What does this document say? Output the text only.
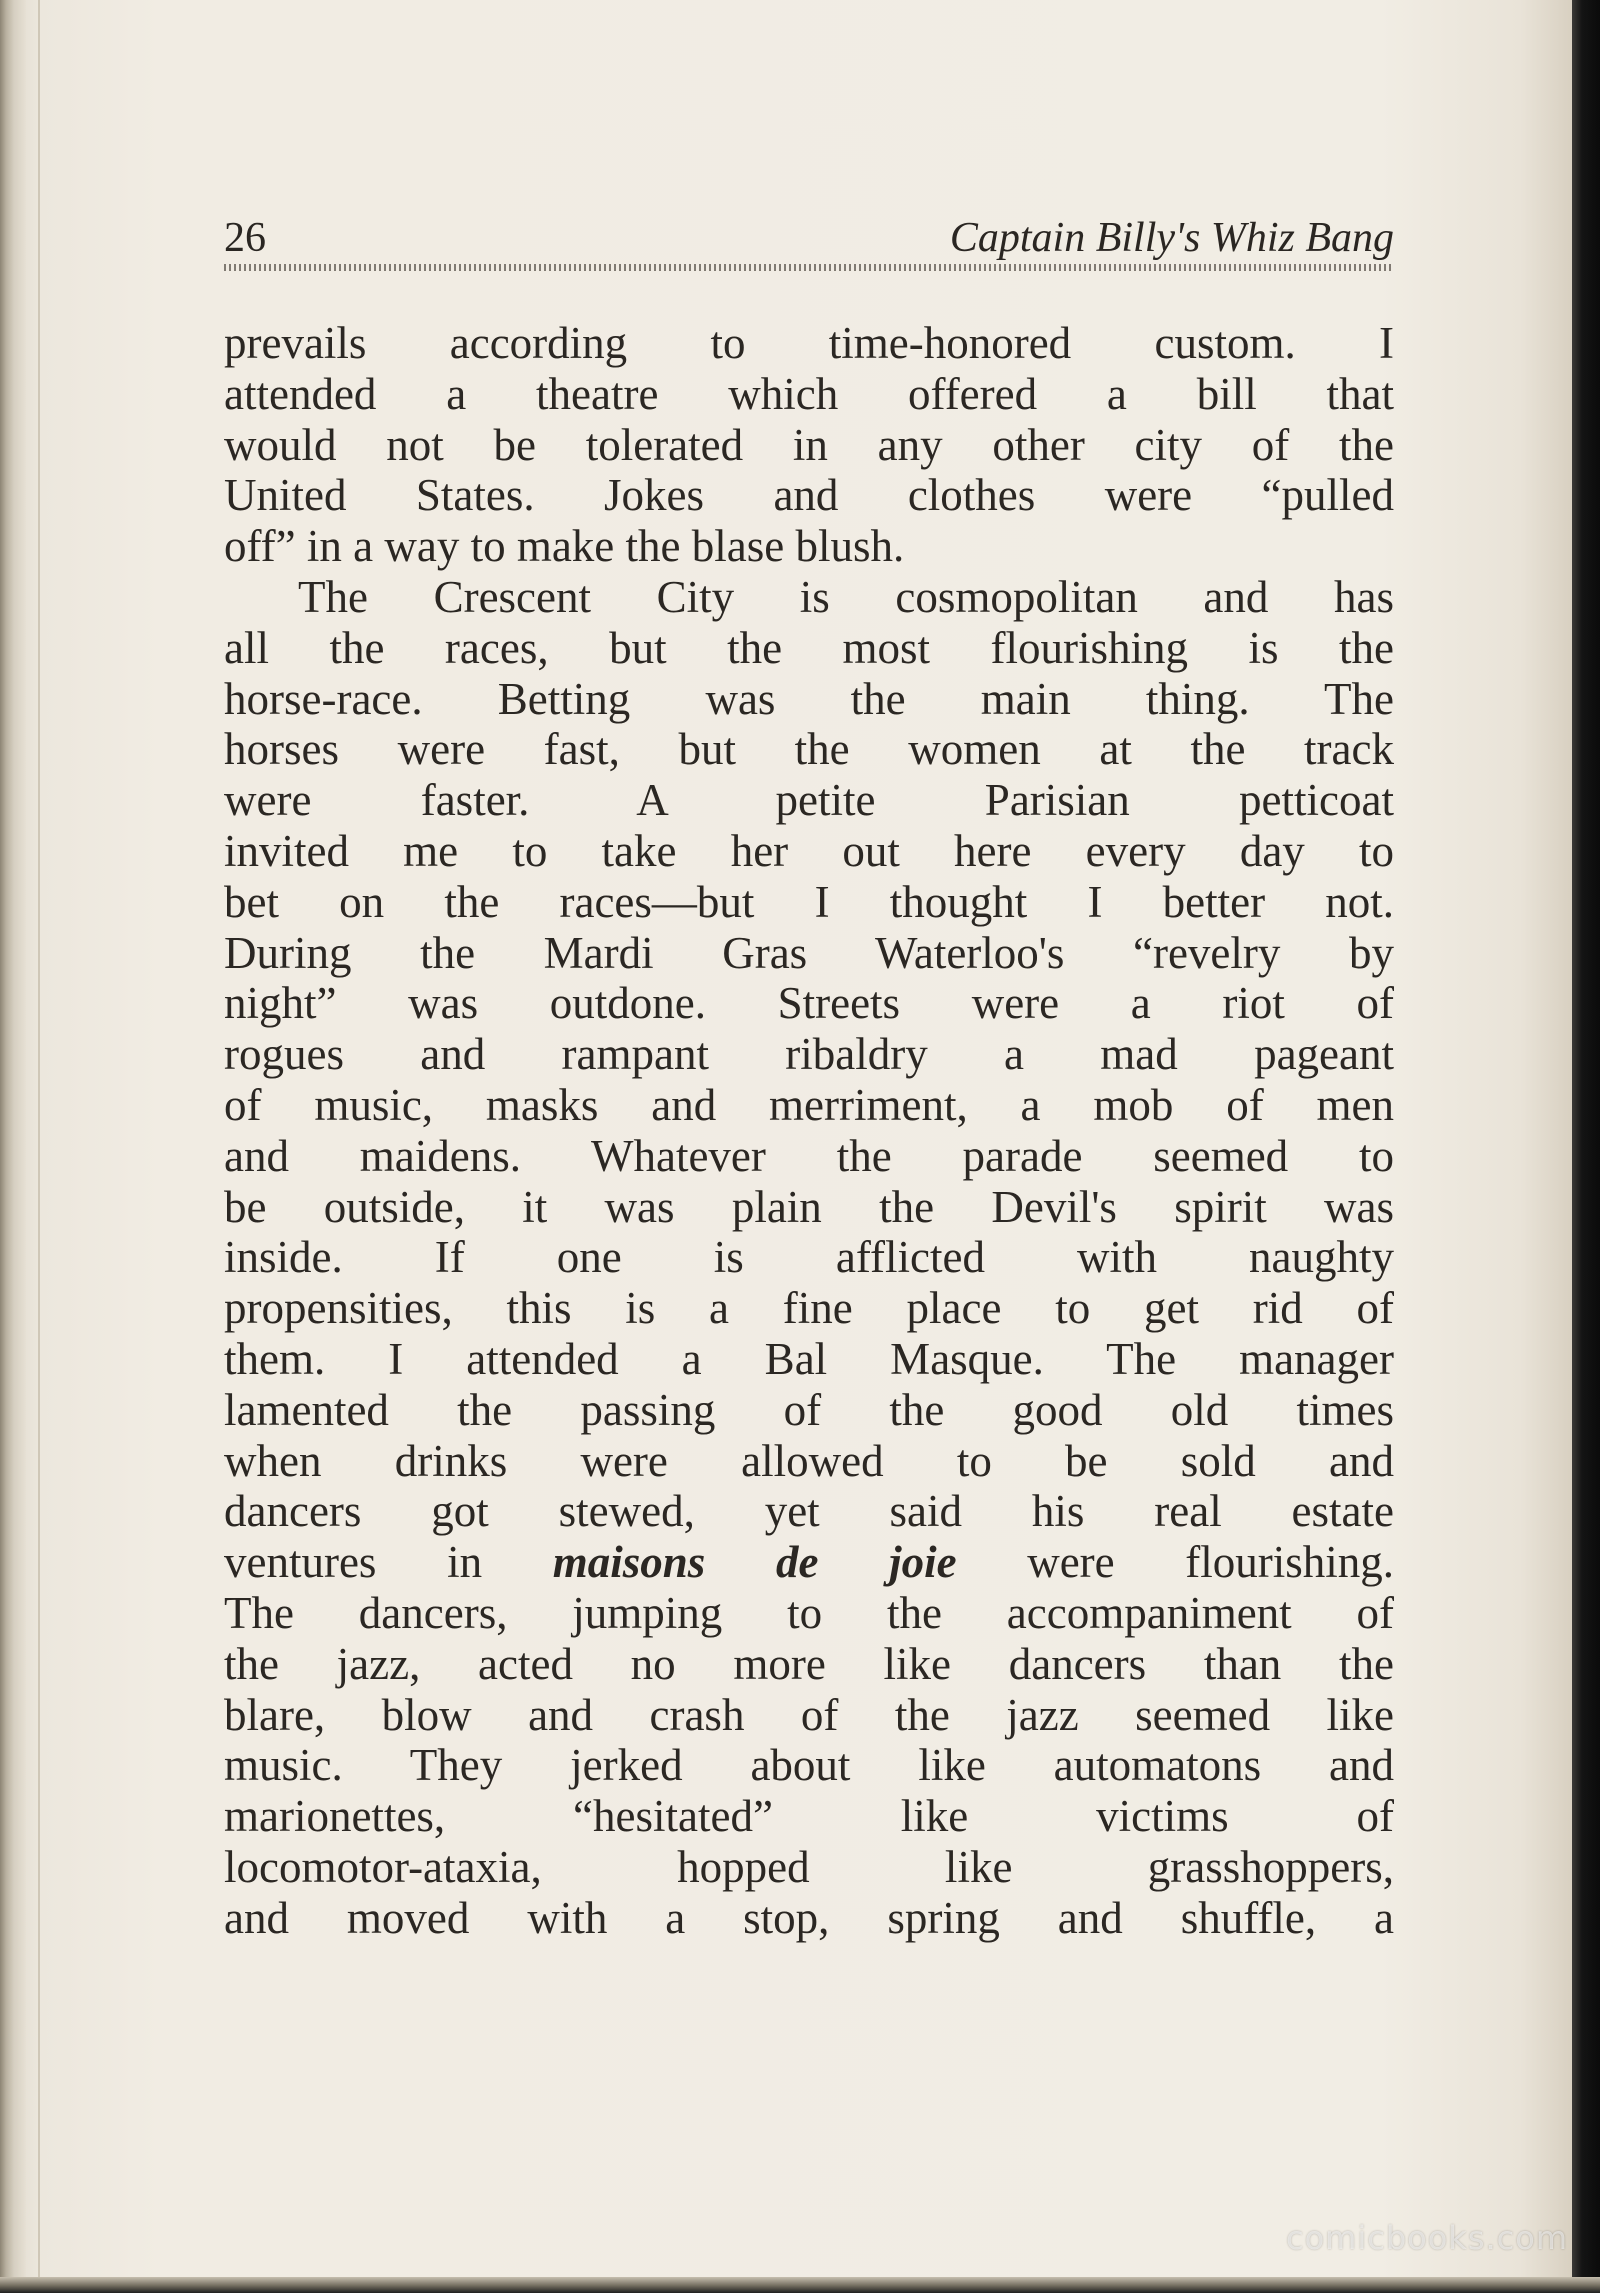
26	Captain Billy's Whiz Bang
prevails according to time-honored custom. I
attended a theatre which offered a bill that
would not be tolerated in any other city of the
United States. Jokes and clothes were “pulled
off” in a way to make the blase blush.
The Crescent City is cosmopolitan and has
all the races, but the most flourishing is the
horse-race. Betting was the main thing. The
horses were fast, but the women at the track
were faster. A petite Parisian petticoat
invited me to take her out here every day to
bet on the races—but I thought I better not.
During the Mardi Gras Waterloo's “revelry by
night” was outdone. Streets were a riot of
rogues and rampant ribaldry a mad pageant
of music, masks and merriment, a mob of men
and maidens. Whatever the parade seemed to
be outside, it was plain the Devil's spirit was
inside. If one is afflicted with naughty
propensities, this is a fine place to get rid of
them. I attended a Bal Masque. The manager
lamented the passing of the good old times
when drinks were allowed to be sold and
dancers got stewed, yet said his real estate
ventures in maisons de joie were flourishing.
The dancers, jumping to the accompaniment of
the jazz, acted no more like dancers than the
blare, blow and crash of the jazz seemed like
music. They jerked about like automatons and
marionettes, “hesitated” like victims of
locomotor-ataxia, hopped like grasshoppers,
and moved with a stop, spring and shuffle, a
comicbooks.com
